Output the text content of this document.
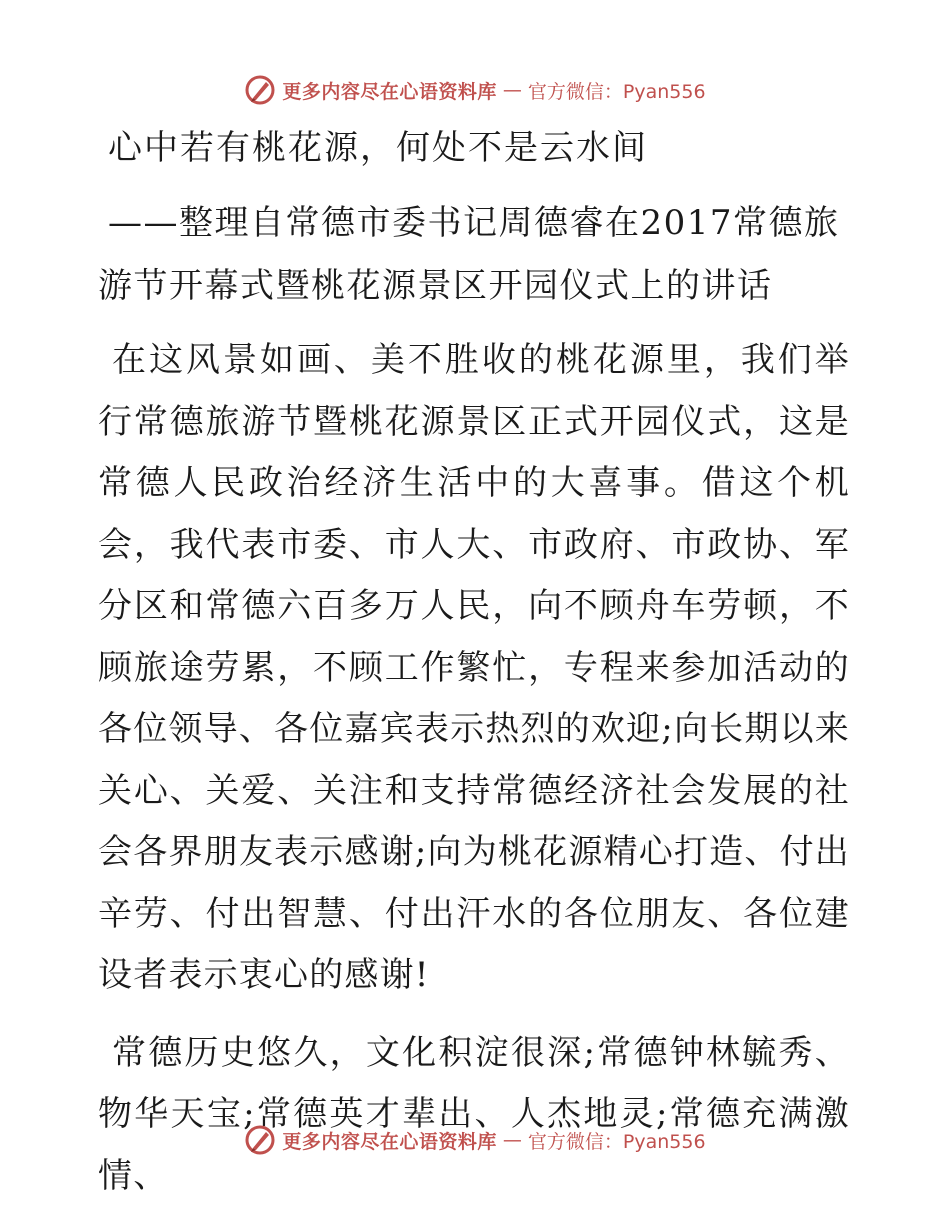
更多内容尽在心语资料库 — 官方微信：Pyan556
心中若有桃花源，何处不是云水间

——整理自常德市委书记周德睿在2017常德旅游节开幕式暨桃花源景区开园仪式上的讲话

在这风景如画、美不胜收的桃花源里，我们举行常德旅游节暨桃花源景区正式开园仪式，这是常德人民政治经济生活中的大喜事。借这个机会，我代表市委、市人大、市政府、市政协、军分区和常德六百多万人民，向不顾舟车劳顿，不顾旅途劳累，不顾工作繁忙，专程来参加活动的各位领导、各位嘉宾表示热烈的欢迎;向长期以来关心、关爱、关注和支持常德经济社会发展的社会各界朋友表示感谢;向为桃花源精心打造、付出辛劳、付出智慧、付出汗水的各位朋友、各位建设者表示衷心的感谢!

常德历史悠久，文化积淀很深;常德钟林毓秀、物华天宝;常德英才辈出、人杰地灵;常德充满激情、

更多内容尽在心语资料库 — 官方微信：Pyan556
